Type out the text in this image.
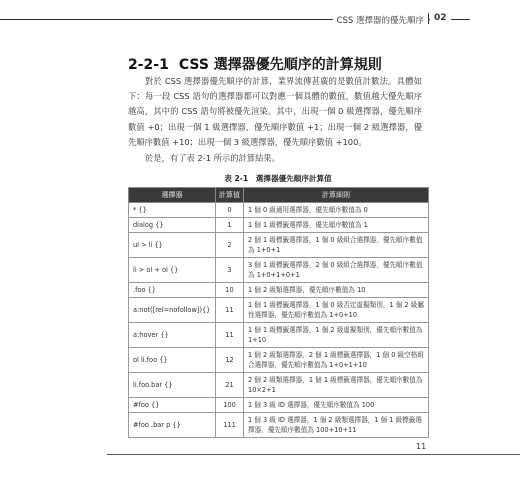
CSS 選擇器的優先順序	02
2-2-1 CSS 選擇器優先順序的計算規則
對於 CSS 選擇器優先順序的計算，業界流傳甚廣的是數值計數法。具體如下：每一段 CSS 語句的選擇器都可以對應一個具體的數值，數值越大優先順序越高，其中的 CSS 語句將被優先渲染。其中，出現一個 0 級選擇器，優先順序數值 +0；出現一個 1 級選擇器，優先順序數值 +1；出現一個 2 級選擇器，優先順序數值 +10；出現一個 3 級選擇器，優先順序數值 +100。
於是，有了表 2-1 所示的計算結果。
表 2-1　選擇器優先順序計算值
選擇器	計算值	計算細則
* {}	0	1 個 0 級通用選擇器，優先順序數值為 0
dialog {}	1	1 個 1 級標籤選擇器，優先順序數值為 1
ul > li {}	2	2 個 1 級標籤選擇器，1 個 0 級組合選擇器，優先順序數值為 1+0+1
li > ol + ol {}	3	3 個 1 級標籤選擇器，2 個 0 級組合選擇器，優先順序數值為 1+0+1+0+1
.foo {}	10	1 個 2 級類選擇器，優先順序數值為 10
a:not([rel=nofollow]){}	11	1 個 1 級標籤選擇器，1 個 0 級否定虛擬類別，1 個 2 級屬性選擇器，優先順序數值為 1+0+10
a:hover {}	11	1 個 1 級標籤選擇器，1 個 2 級虛擬類別，優先順序數值為 1+10
ol li.foo {}	12	1 個 2 級類選擇器，2 個 1 級標籤選擇器，1 個 0 級空格組合選擇器，優先順序數值為 1+0+1+10
li.foo.bar {}	21	2 個 2 級類選擇器，1 個 1 級標籤選擇器，優先順序數值為 10×2+1
#foo {}	100	1 個 3 級 ID 選擇器，優先順序數值為 100
#foo .bar p {}	111	1 個 3 級 ID 選擇器，1 個 2 級類選擇器，1 個 1 級標籤選擇器，優先順序數值為 100+10+11
11
